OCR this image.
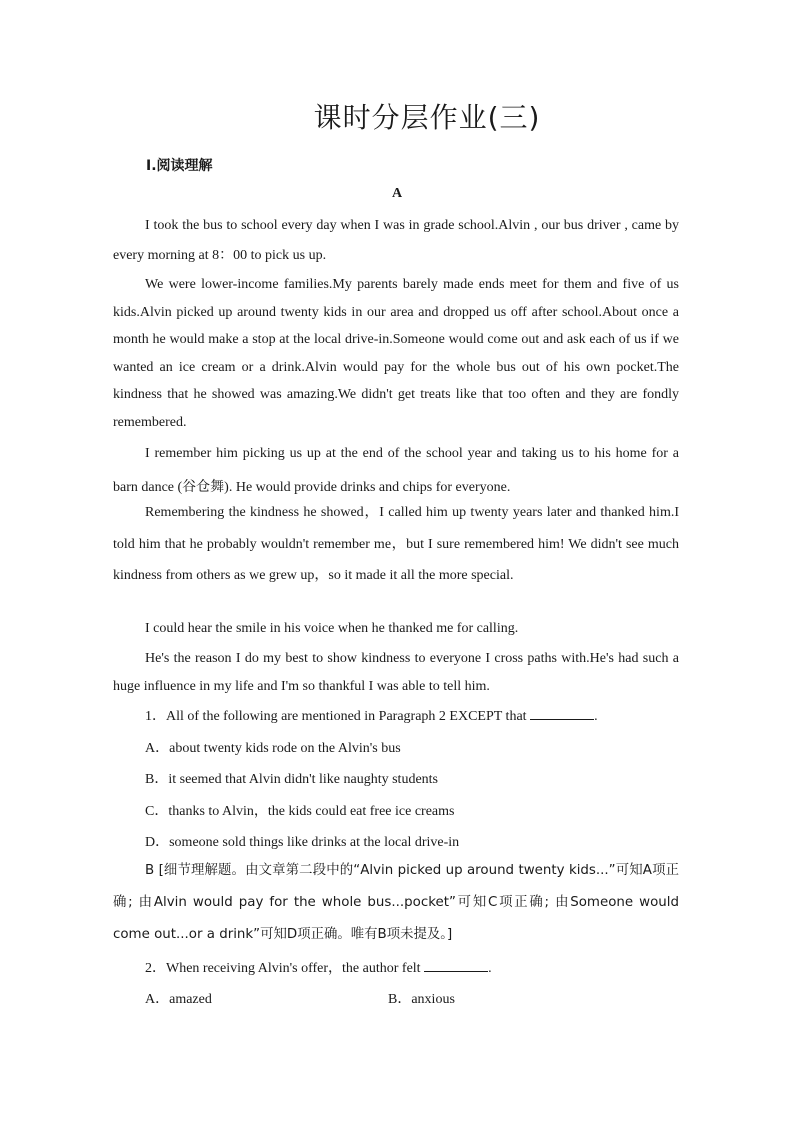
课时分层作业(三)
Ⅰ.阅读理解
A

I took the bus to school every day when I was in grade school.Alvin , our bus driver , came by every morning at 8：00 to pick us up.

We were lower-income families.My parents barely made ends meet for them and five of us kids.Alvin picked up around twenty kids in our area and dropped us off after school.About once a month he would make a stop at the local drive-in.Someone would come out and ask each of us if we wanted an ice cream or a drink.Alvin would pay for the whole bus out of his own pocket.The kindness that he showed was amazing.We didn't get treats like that too often and they are fondly remembered.

I remember him picking us up at the end of the school year and taking us to his home for a barn dance (谷仓舞). He would provide drinks and chips for everyone.

Remembering the kindness he showed，I called him up twenty years later and thanked him.I told him that he probably wouldn't remember me，but I sure remembered him! We didn't see much kindness from others as we grew up，so it made it all the more special.

I could hear the smile in his voice when he thanked me for calling.

He's the reason I do my best to show kindness to everyone I cross paths with.He's had such a huge influence in my life and I'm so thankful I was able to tell him.

1．All of the following are mentioned in Paragraph 2 EXCEPT that	.

A．about twenty kids rode on the Alvin's bus

B．it seemed that Alvin didn't like naughty students

C．thanks to Alvin，the kids could eat free ice creams

D．someone sold things like drinks at the local drive-in

B [细节理解题。由文章第二段中的“Alvin picked up around twenty kids...”可知A项正确; 由Alvin would pay for the whole bus...pocket”可知C项正确; 由Someone would come out...or a drink”可知D项正确。唯有B项未提及。]

2．When receiving Alvin's offer，the author felt	.

A．amazed	B．anxious
